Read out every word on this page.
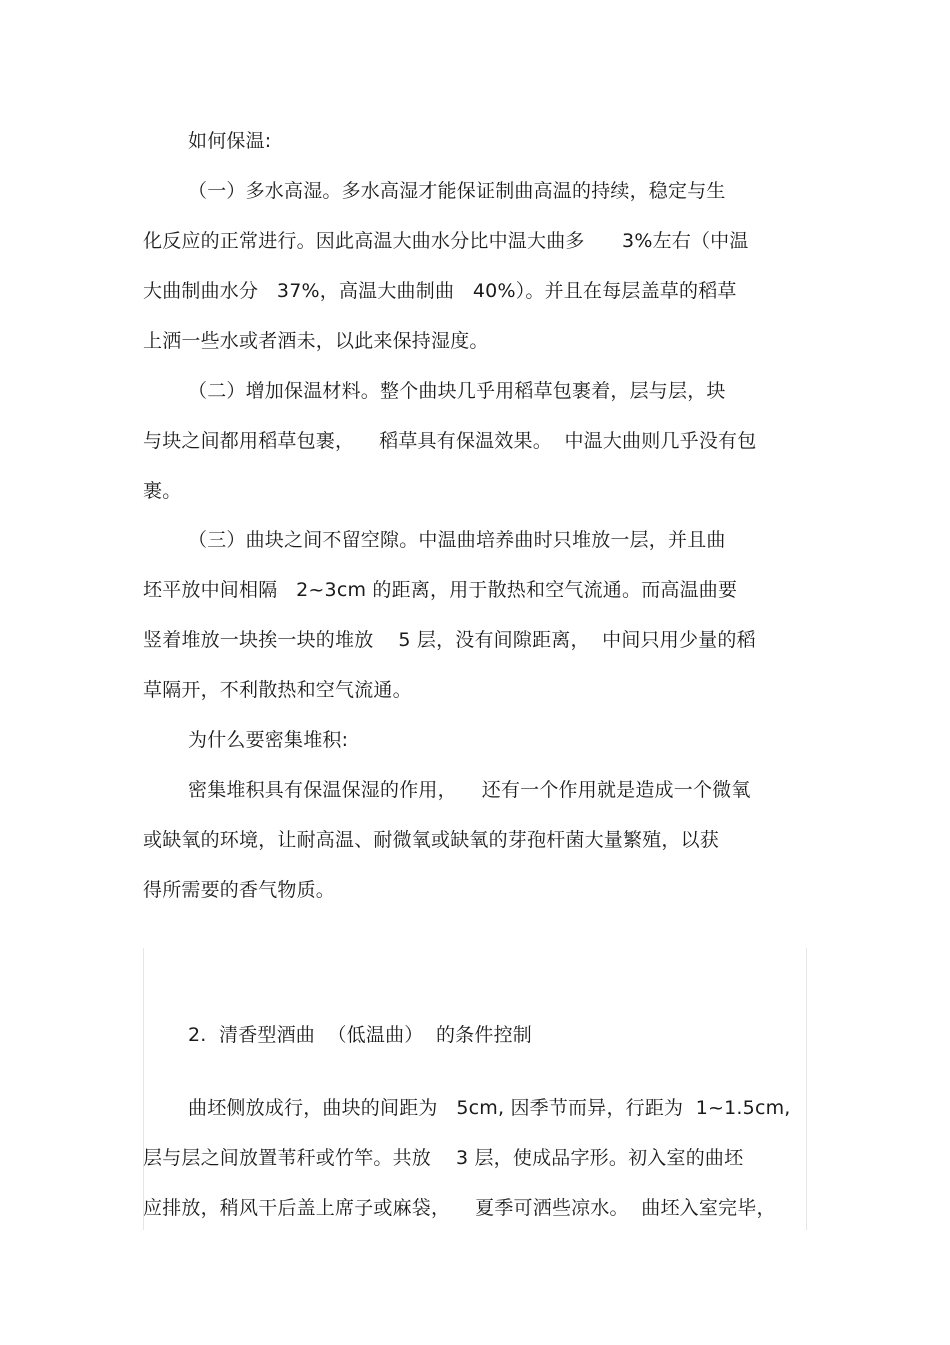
如何保温:
（一）多水高湿。多水高湿才能保证制曲高温的持续，稳定与生
化反应的正常进行。因此高温大曲水分比中温大曲多      3%左右（中温
大曲制曲水分   37%，高温大曲制曲   40%）。并且在每层盖草的稻草
上洒一些水或者酒未，以此来保持湿度。
（二）增加保温材料。整个曲块几乎用稻草包裹着，层与层，块
与块之间都用稻草包裹，    稻草具有保温效果。  中温大曲则几乎没有包
裹。
（三）曲块之间不留空隙。中温曲培养曲时只堆放一层，并且曲
坯平放中间相隔   2~3cm 的距离，用于散热和空气流通。而高温曲要
竖着堆放一块挨一块的堆放    5 层，没有间隙距离，  中间只用少量的稻
草隔开，不利散热和空气流通。
为什么要密集堆积:
密集堆积具有保温保湿的作用，    还有一个作用就是造成一个微氧
或缺氧的环境，让耐高温、耐微氧或缺氧的芽孢杆菌大量繁殖，以获
得所需要的香气物质。
2.  清香型酒曲  （低温曲）  的条件控制
曲坯侧放成行，曲块的间距为   5cm, 因季节而异，行距为  1~1.5cm,
层与层之间放置苇秆或竹竿。共放    3 层，使成品字形。初入室的曲坯
应排放，稍风干后盖上席子或麻袋，    夏季可洒些凉水。  曲坯入室完毕，
